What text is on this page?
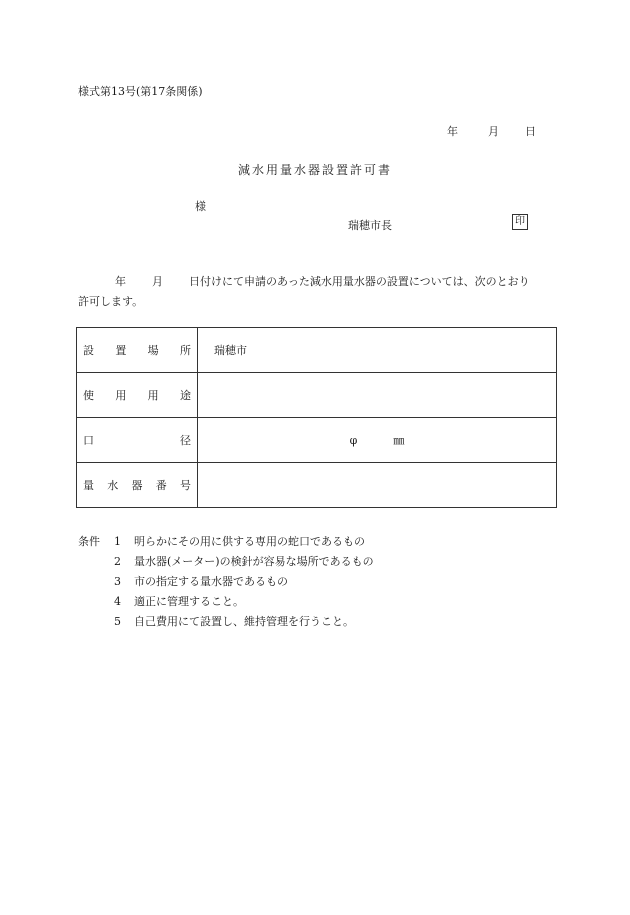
様式第13号(第17条関係)
年	月 日
減水用量水器設置許可書
様
瑞穂市長	印
年 月 日付けにて申請のあった減水用量水器の設置については、次のとおり
許可します。
設 置 場 所	瑞穂市

使 用 用 途	

口 径	φ ㎜

量 水 器 番 号	

条件	1	明らかにその用に供する専用の蛇口であるもの
2	量水器(メーター)の検針が容易な場所であるもの
3	市の指定する量水器であるもの
4	適正に管理すること。
5	自己費用にて設置し、維持管理を行うこと。
